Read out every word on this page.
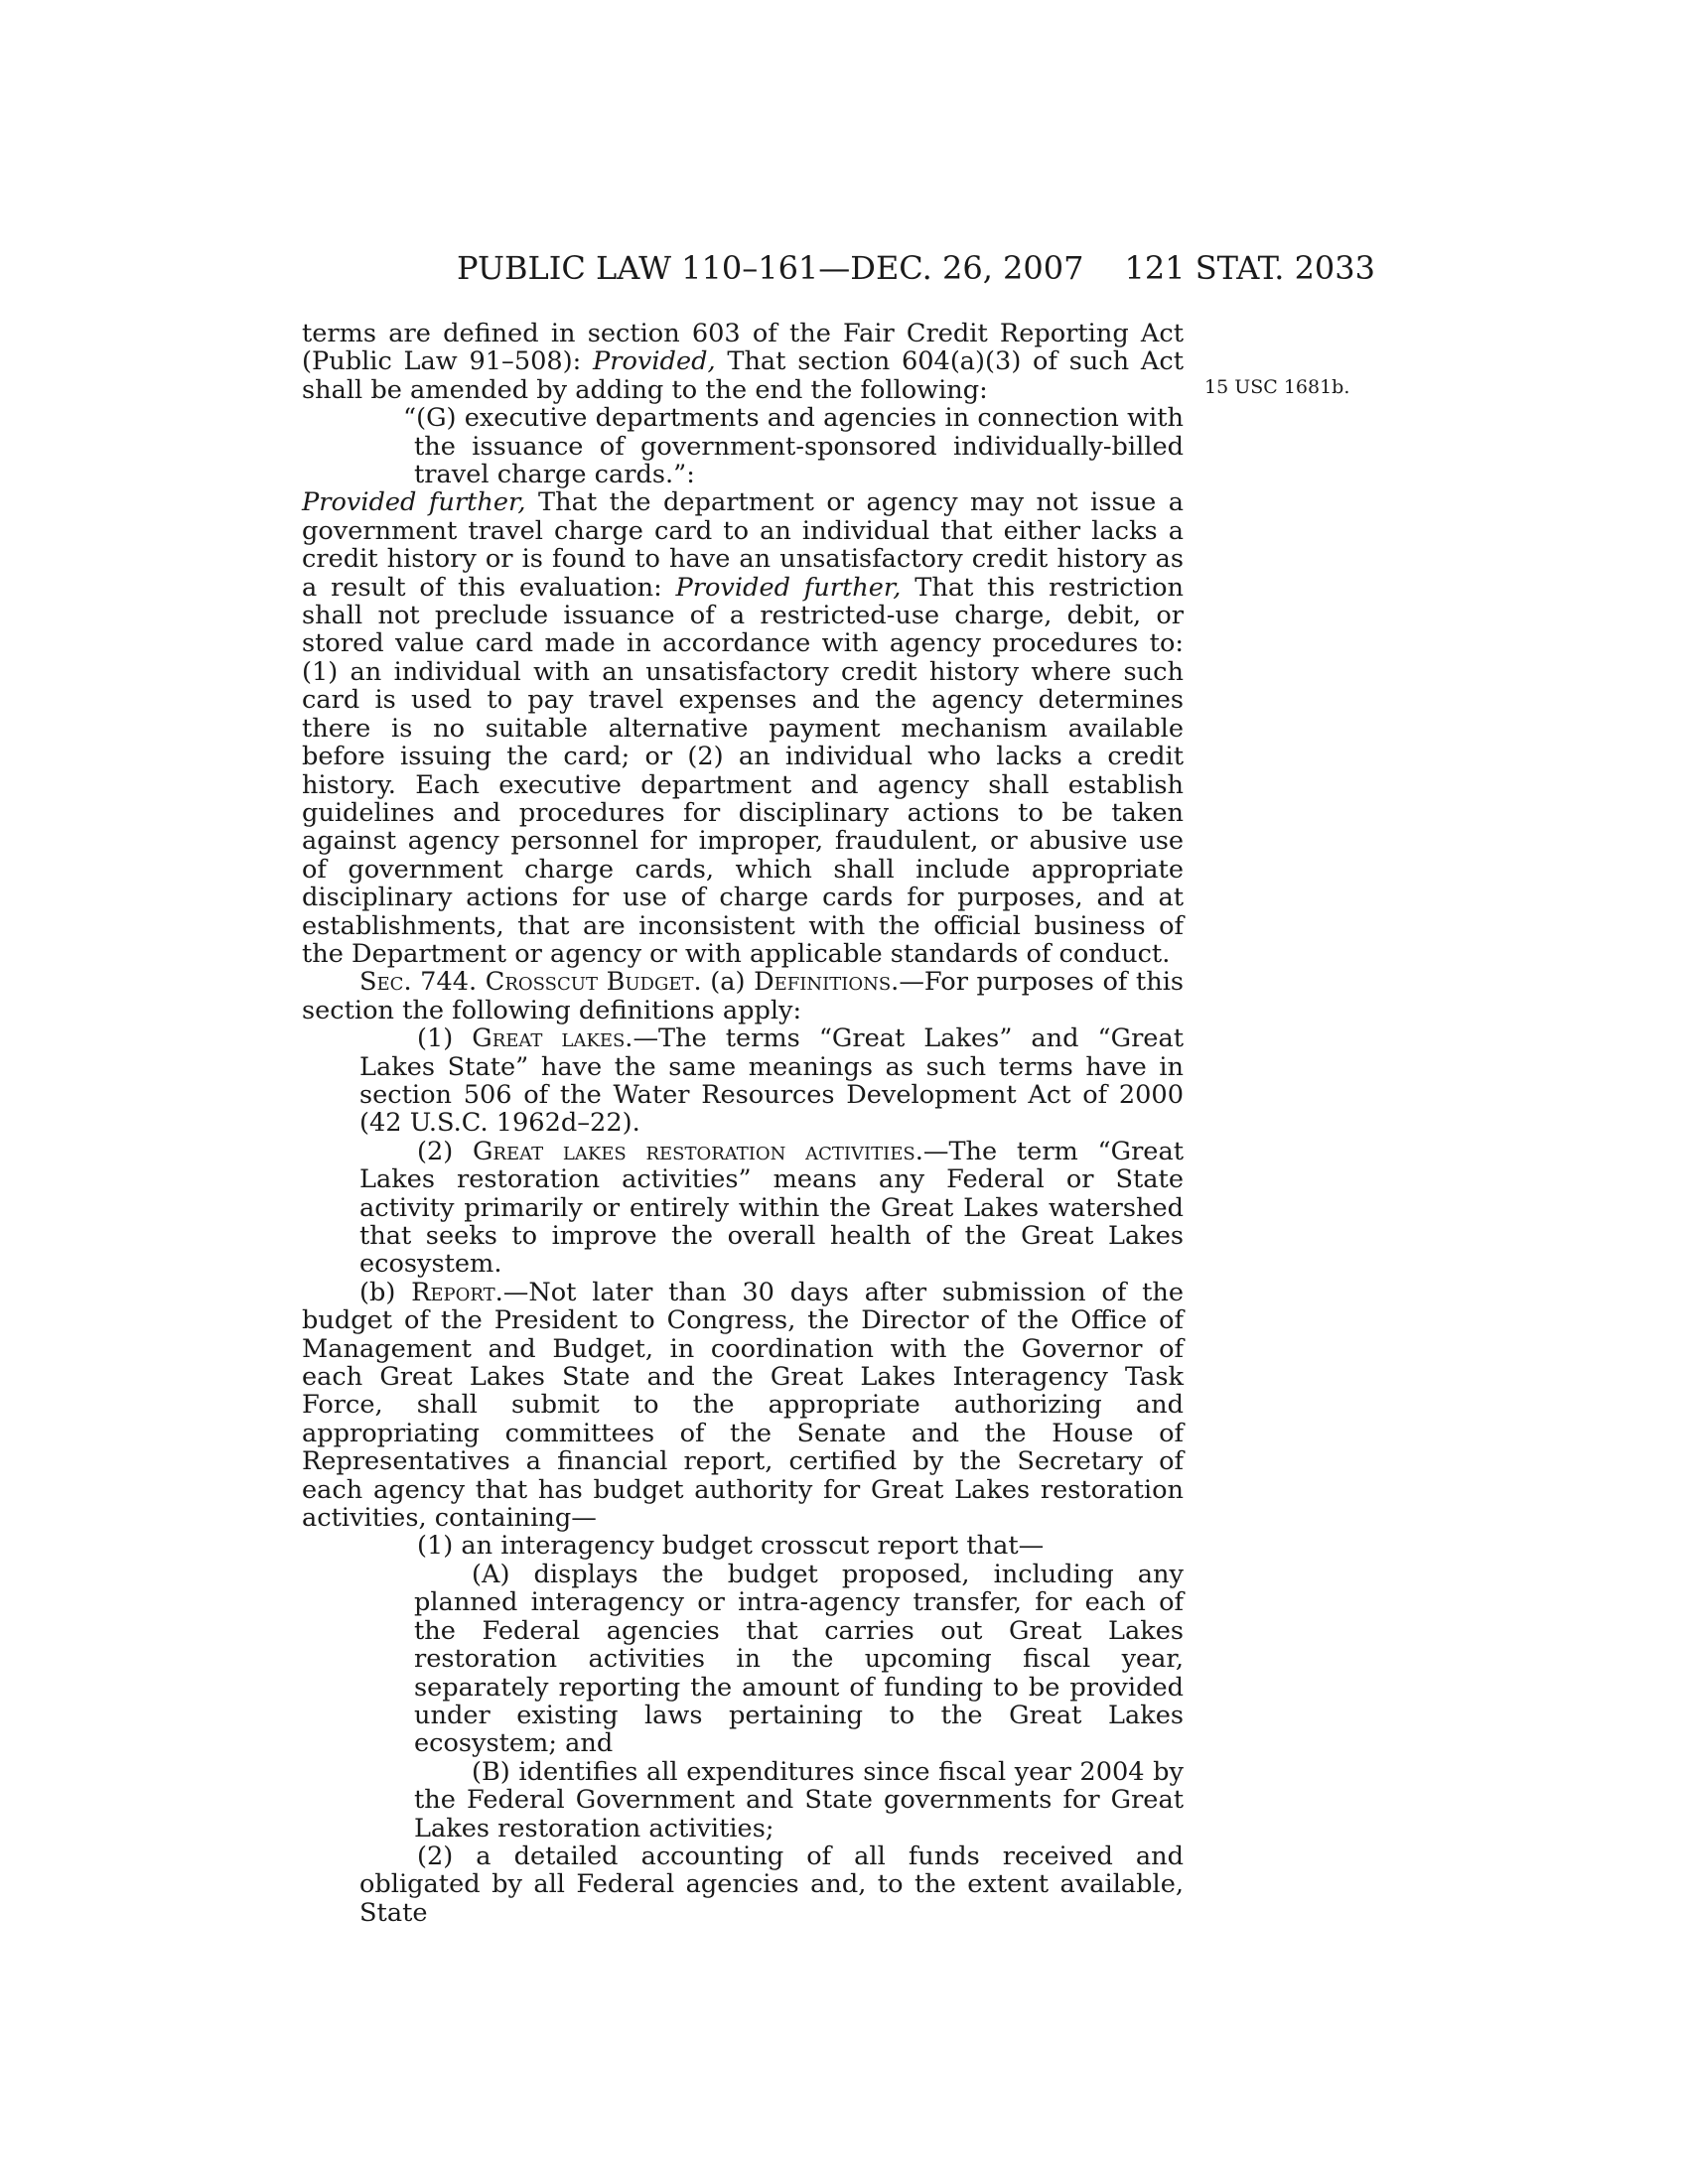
PUBLIC LAW 110–161—DEC. 26, 2007 121 STAT. 2033
15 USC 1681b.

terms are defined in section 603 of the Fair Credit Reporting Act (Public Law 91–508): Provided, That section 604(a)(3) of such Act shall be amended by adding to the end the following:

“(G) executive departments and agencies in connection with the issuance of government-sponsored individually-billed travel charge cards.”:

Provided further, That the department or agency may not issue a government travel charge card to an individual that either lacks a credit history or is found to have an unsatisfactory credit history as a result of this evaluation: Provided further, That this restriction shall not preclude issuance of a restricted-use charge, debit, or stored value card made in accordance with agency procedures to: (1) an individual with an unsatisfactory credit history where such card is used to pay travel expenses and the agency determines there is no suitable alternative payment mechanism available before issuing the card; or (2) an individual who lacks a credit history. Each executive department and agency shall establish guidelines and procedures for disciplinary actions to be taken against agency personnel for improper, fraudulent, or abusive use of government charge cards, which shall include appropriate disciplinary actions for use of charge cards for purposes, and at establishments, that are inconsistent with the official business of the Department or agency or with applicable standards of conduct.

Sec. 744. Crosscut Budget. (a) Definitions.—For purposes of this section the following definitions apply:

(1) Great lakes.—The terms “Great Lakes” and “Great Lakes State” have the same meanings as such terms have in section 506 of the Water Resources Development Act of 2000 (42 U.S.C. 1962d–22).

(2) Great lakes restoration activities.—The term “Great Lakes restoration activities” means any Federal or State activity primarily or entirely within the Great Lakes watershed that seeks to improve the overall health of the Great Lakes ecosystem.

(b) Report.—Not later than 30 days after submission of the budget of the President to Congress, the Director of the Office of Management and Budget, in coordination with the Governor of each Great Lakes State and the Great Lakes Interagency Task Force, shall submit to the appropriate authorizing and appropriating committees of the Senate and the House of Representatives a financial report, certified by the Secretary of each agency that has budget authority for Great Lakes restoration activities, containing—

(1) an interagency budget crosscut report that—

(A) displays the budget proposed, including any planned interagency or intra-agency transfer, for each of the Federal agencies that carries out Great Lakes restoration activities in the upcoming fiscal year, separately reporting the amount of funding to be provided under existing laws pertaining to the Great Lakes ecosystem; and

(B) identifies all expenditures since fiscal year 2004 by the Federal Government and State governments for Great Lakes restoration activities;

(2) a detailed accounting of all funds received and obligated by all Federal agencies and, to the extent available, State
